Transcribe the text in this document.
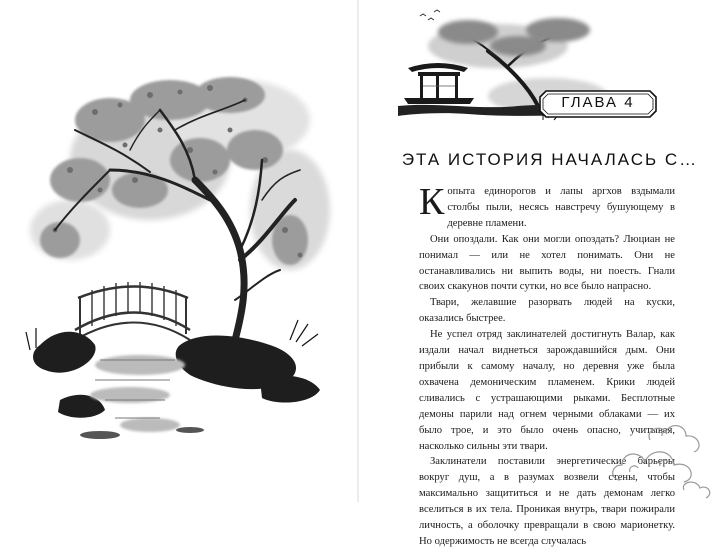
ГЛАВА 4
ЭТА ИСТОРИЯ НАЧАЛАСЬ С…

Копыта единорогов и лапы аргхов вздымали столбы пыли, несясь навстречу бушующему в деревне пламени.

Они опоздали. Как они могли опоздать? Люциан не понимал — или не хотел понимать. Они не останавливались ни выпить воды, ни поесть. Гнали своих скакунов почти сутки, но все было напрасно.

Твари, желавшие разорвать людей на куски, оказались быстрее.

Не успел отряд заклинателей достигнуть Валар, как издали начал виднеться зарождавшийся дым. Они прибыли к самому началу, но деревня уже была охвачена демоническим пламенем. Крики людей сливались с устрашающими рыками. Бесплотные демоны парили над огнем черными облаками — их было трое, и это было очень опасно, учитывая, насколько сильны эти твари.

Заклинатели поставили энергетические барьеры вокруг душ, а в разумах возвели стены, чтобы максимально защититься и не дать демонам легко вселиться в их тела. Проникая внутрь, твари пожирали личность, а оболочку превращали в свою марионетку. Но одержимость не всегда случалась
